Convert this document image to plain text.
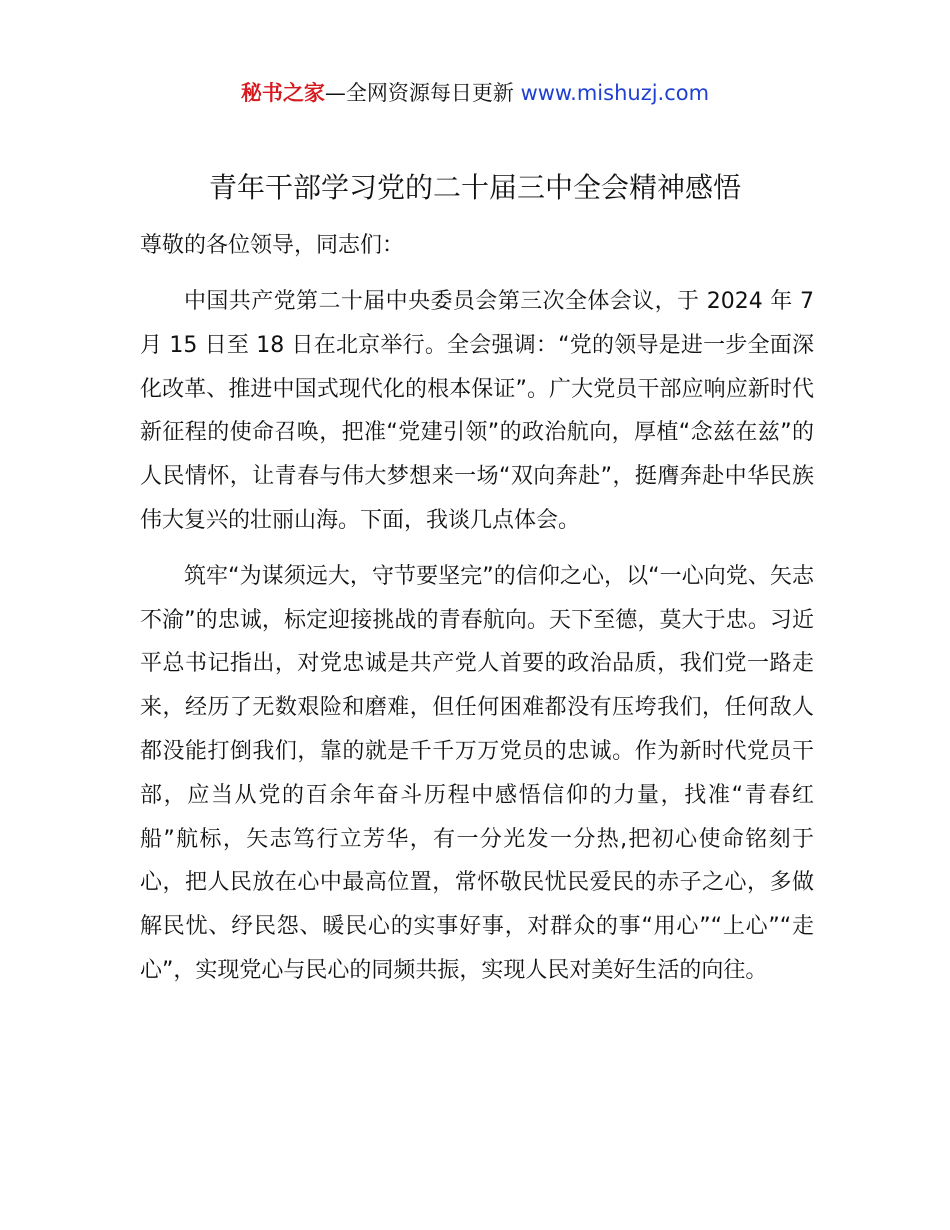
秘书之家—全网资源每日更新 www.mishuzj.com
青年干部学习党的二十届三中全会精神感悟

尊敬的各位领导，同志们：

中国共产党第二十届中央委员会第三次全体会议，于 2024 年 7 月 15 日至 18 日在北京举行。全会强调：“党的领导是进一步全面深化改革、推进中国式现代化的根本保证”。广大党员干部应响应新时代新征程的使命召唤，把准“党建引领”的政治航向，厚植“念兹在兹”的人民情怀，让青春与伟大梦想来一场“双向奔赴”，挺膺奔赴中华民族伟大复兴的壮丽山海。下面，我谈几点体会。

筑牢“为谋须远大，守节要坚完”的信仰之心，以“一心向党、矢志不渝”的忠诚，标定迎接挑战的青春航向。天下至德，莫大于忠。习近平总书记指出，对党忠诚是共产党人首要的政治品质，我们党一路走来，经历了无数艰险和磨难，但任何困难都没有压垮我们，任何敌人都没能打倒我们，靠的就是千千万万党员的忠诚。作为新时代党员干部，应当从党的百余年奋斗历程中感悟信仰的力量，找准“青春红船”航标，矢志笃行立芳华，有一分光发一分热,把初心使命铭刻于心，把人民放在心中最高位置，常怀敬民忧民爱民的赤子之心，多做解民忧、纾民怨、暖民心的实事好事，对群众的事“用心”“上心”“走心”，实现党心与民心的同频共振，实现人民对美好生活的向往。
